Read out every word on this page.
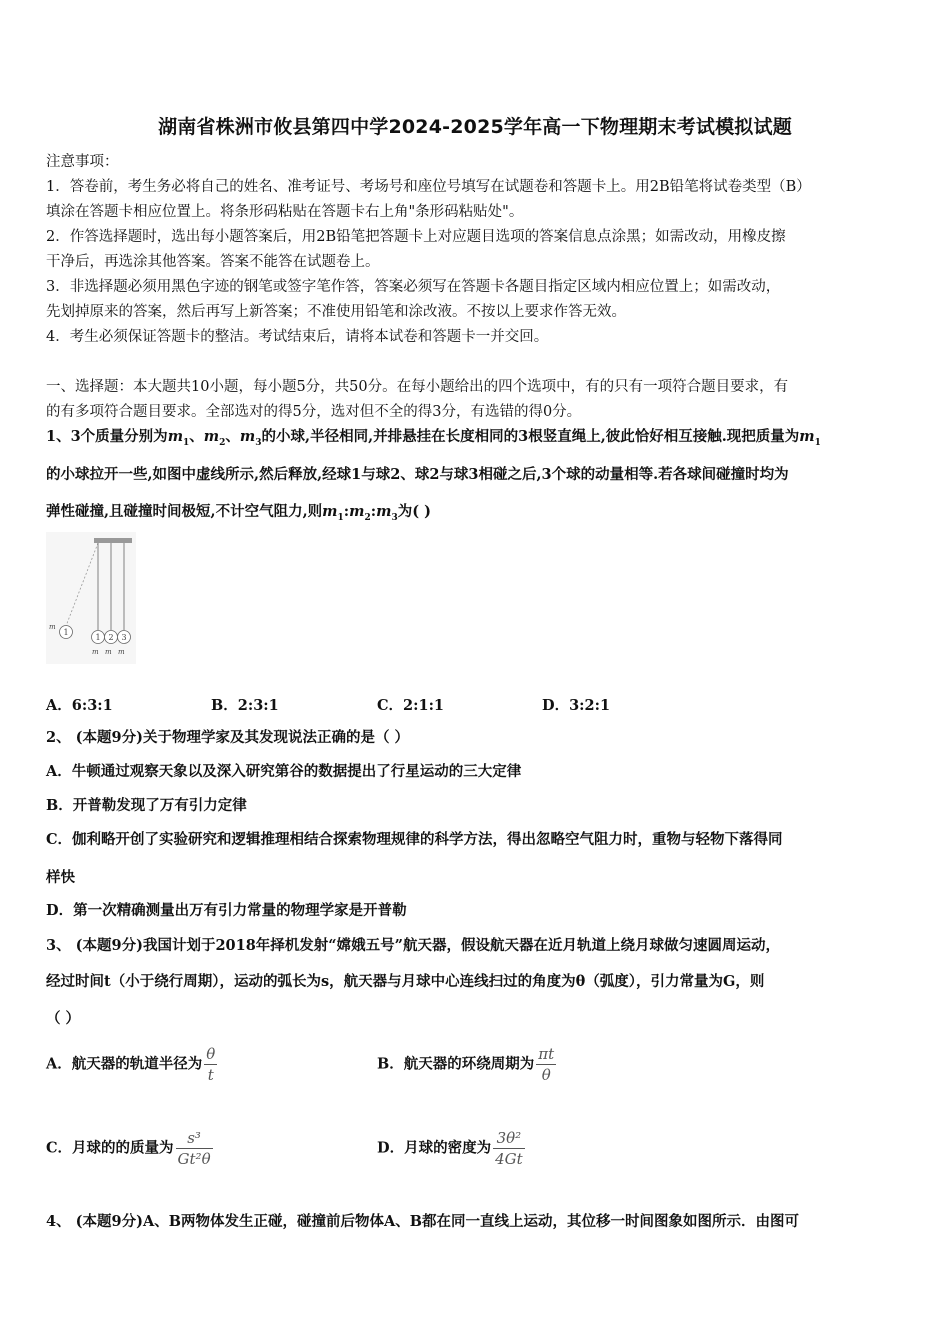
湖南省株洲市攸县第四中学2024-2025学年高一下物理期末考试模拟试题
注意事项：
1．答卷前，考生务必将自己的姓名、准考证号、考场号和座位号填写在试题卷和答题卡上。用2B铅笔将试卷类型（B）
填涂在答题卡相应位置上。将条形码粘贴在答题卡右上角"条形码粘贴处"。
2．作答选择题时，选出每小题答案后，用2B铅笔把答题卡上对应题目选项的答案信息点涂黑；如需改动，用橡皮擦
干净后，再选涂其他答案。答案不能答在试题卷上。
3．非选择题必须用黑色字迹的钢笔或签字笔作答，答案必须写在答题卡各题目指定区域内相应位置上；如需改动，
先划掉原来的答案，然后再写上新答案；不准使用铅笔和涂改液。不按以上要求作答无效。
4．考生必须保证答题卡的整洁。考试结束后，请将本试卷和答题卡一并交回。
一、选择题：本大题共10小题，每小题5分，共50分。在每小题给出的四个选项中，有的只有一项符合题目要求，有
的有多项符合题目要求。全部选对的得5分，选对但不全的得3分，有选错的得0分。
1、3个质量分别为$m_1$、$m_2$、$m_3$的小球,半径相同,并排悬挂在长度相同的3根竖直绳上,彼此恰好相互接触.现把质量为$m_1$
的小球拉开一些,如图中虚线所示,然后释放,经球1与球2、球2与球3相碰之后,3个球的动量相等.若各球间碰撞时均为
弹性碰撞,且碰撞时间极短,不计空气阻力,则$m_1:m_2:m_3$为( )
1
1 2 3
m
m m m
A．6:3:1	B．2:3:1	C．2:1:1	D．3:2:1
2、 (本题9分)关于物理学家及其发现说法正确的是（ ）
A．牛顿通过观察天象以及深入研究第谷的数据提出了行星运动的三大定律
B．开普勒发现了万有引力定律
C．伽利略开创了实验研究和逻辑推理相结合探索物理规律的科学方法，得出忽略空气阻力时，重物与轻物下落得同
样快
D．第一次精确测量出万有引力常量的物理学家是开普勒
3、 (本题9分)我国计划于2018年择机发射“嫦娥五号”航天器，假设航天器在近月轨道上绕月球做匀速圆周运动，
经过时间t（小于绕行周期），运动的弧长为s，航天器与月球中心连线扫过的角度为θ（弧度），引力常量为G，则
（ ）
A．航天器的轨道半径为 $\frac{\theta}{t}$	B．航天器的环绕周期为 $\frac{\pi t}{\theta}$
C．月球的的质量为 $\frac{\text{s³}}{\text{Gt²θ}}$	D．月球的密度为 $\frac{\text{3θ²}}{4Gt}$
4、 (本题9分)A、B两物体发生正碰，碰撞前后物体A、B都在同一直线上运动，其位移一时间图象如图所示．由图可
